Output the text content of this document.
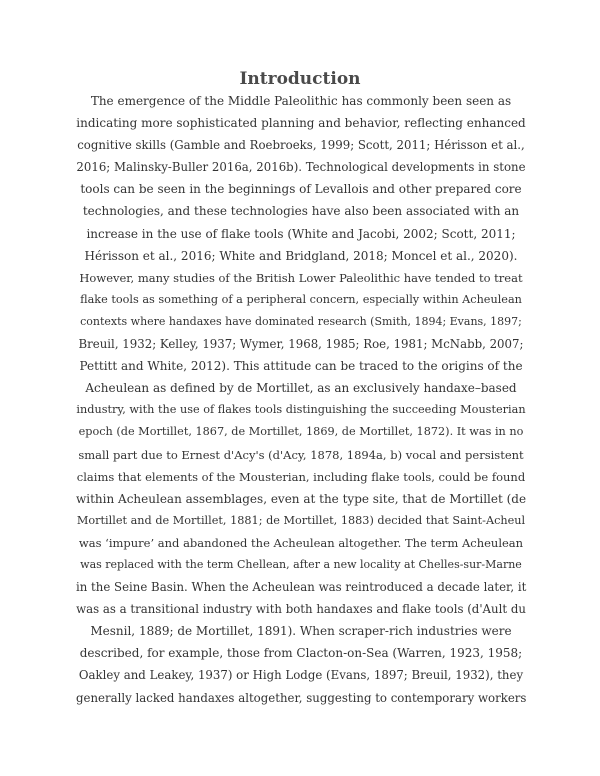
Introduction
The emergence of the Middle Paleolithic has commonly been seen as
indicating more sophisticated planning and behavior, reflecting enhanced
cognitive skills (Gamble and Roebroeks, 1999; Scott, 2011; Hérisson et al.,
2016; Malinsky-Buller 2016a, 2016b). Technological developments in stone
tools can be seen in the beginnings of Levallois and other prepared core
technologies, and these technologies have also been associated with an
increase in the use of flake tools (White and Jacobi, 2002; Scott, 2011;
Hérisson et al., 2016; White and Bridgland, 2018; Moncel et al., 2020).
However, many studies of the British Lower Paleolithic have tended to treat
flake tools as something of a peripheral concern, especially within Acheulean
contexts where handaxes have dominated research (Smith, 1894; Evans, 1897;
Breuil, 1932; Kelley, 1937; Wymer, 1968, 1985; Roe, 1981; McNabb, 2007;
Pettitt and White, 2012). This attitude can be traced to the origins of the
Acheulean as defined by de Mortillet, as an exclusively handaxe–based
industry, with the use of flakes tools distinguishing the succeeding Mousterian
epoch (de Mortillet, 1867, de Mortillet, 1869, de Mortillet, 1872). It was in no
small part due to Ernest d'Acy's (d'Acy, 1878, 1894a, b) vocal and persistent
claims that elements of the Mousterian, including flake tools, could be found
within Acheulean assemblages, even at the type site, that de Mortillet (de
Mortillet and de Mortillet, 1881; de Mortillet, 1883) decided that Saint-Acheul
was ‘impure’ and abandoned the Acheulean altogether. The term Acheulean
was replaced with the term Chellean, after a new locality at Chelles-sur-Marne
in the Seine Basin. When the Acheulean was reintroduced a decade later, it
was as a transitional industry with both handaxes and flake tools (d'Ault du
Mesnil, 1889; de Mortillet, 1891). When scraper-rich industries were
described, for example, those from Clacton-on-Sea (Warren, 1923, 1958;
Oakley and Leakey, 1937) or High Lodge (Evans, 1897; Breuil, 1932), they
generally lacked handaxes altogether, suggesting to contemporary workers
